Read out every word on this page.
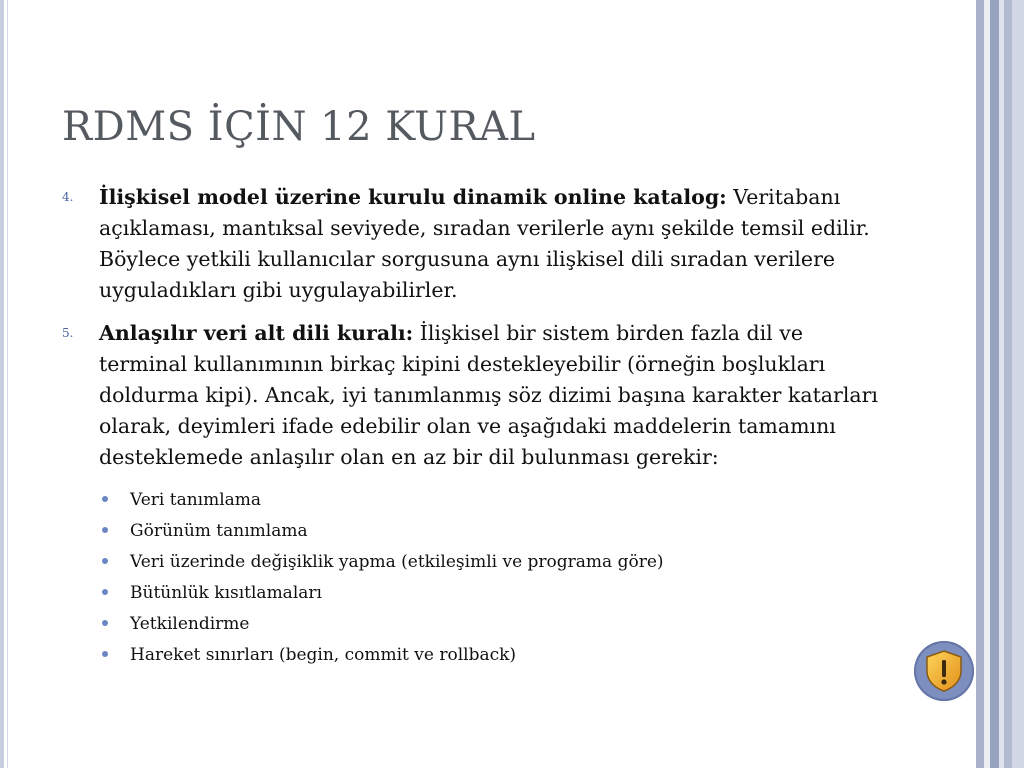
RDMS İÇİN 12 KURAL
4.	İlişkisel model üzerine kurulu dinamik online katalog: Veritabanı açıklaması, mantıksal seviyede, sıradan verilerle aynı şekilde temsil edilir. Böylece yetkili kullanıcılar sorgusuna aynı ilişkisel dili sıradan verilere uyguladıkları gibi uygulayabilirler.
5.	Anlaşılır veri alt dili kuralı: İlişkisel bir sistem birden fazla dil ve terminal kullanımının birkaç kipini destekleyebilir (örneğin boşlukları doldurma kipi). Ancak, iyi tanımlanmış söz dizimi başına karakter katarları olarak, deyimleri ifade edebilir olan ve aşağıdaki maddelerin tamamını desteklemede anlaşılır olan en az bir dil bulunması gerekir:
Veri tanımlama
Görünüm tanımlama
Veri üzerinde değişiklik yapma (etkileşimli ve programa göre)
Bütünlük kısıtlamaları
Yetkilendirme
Hareket sınırları (begin, commit ve rollback)
